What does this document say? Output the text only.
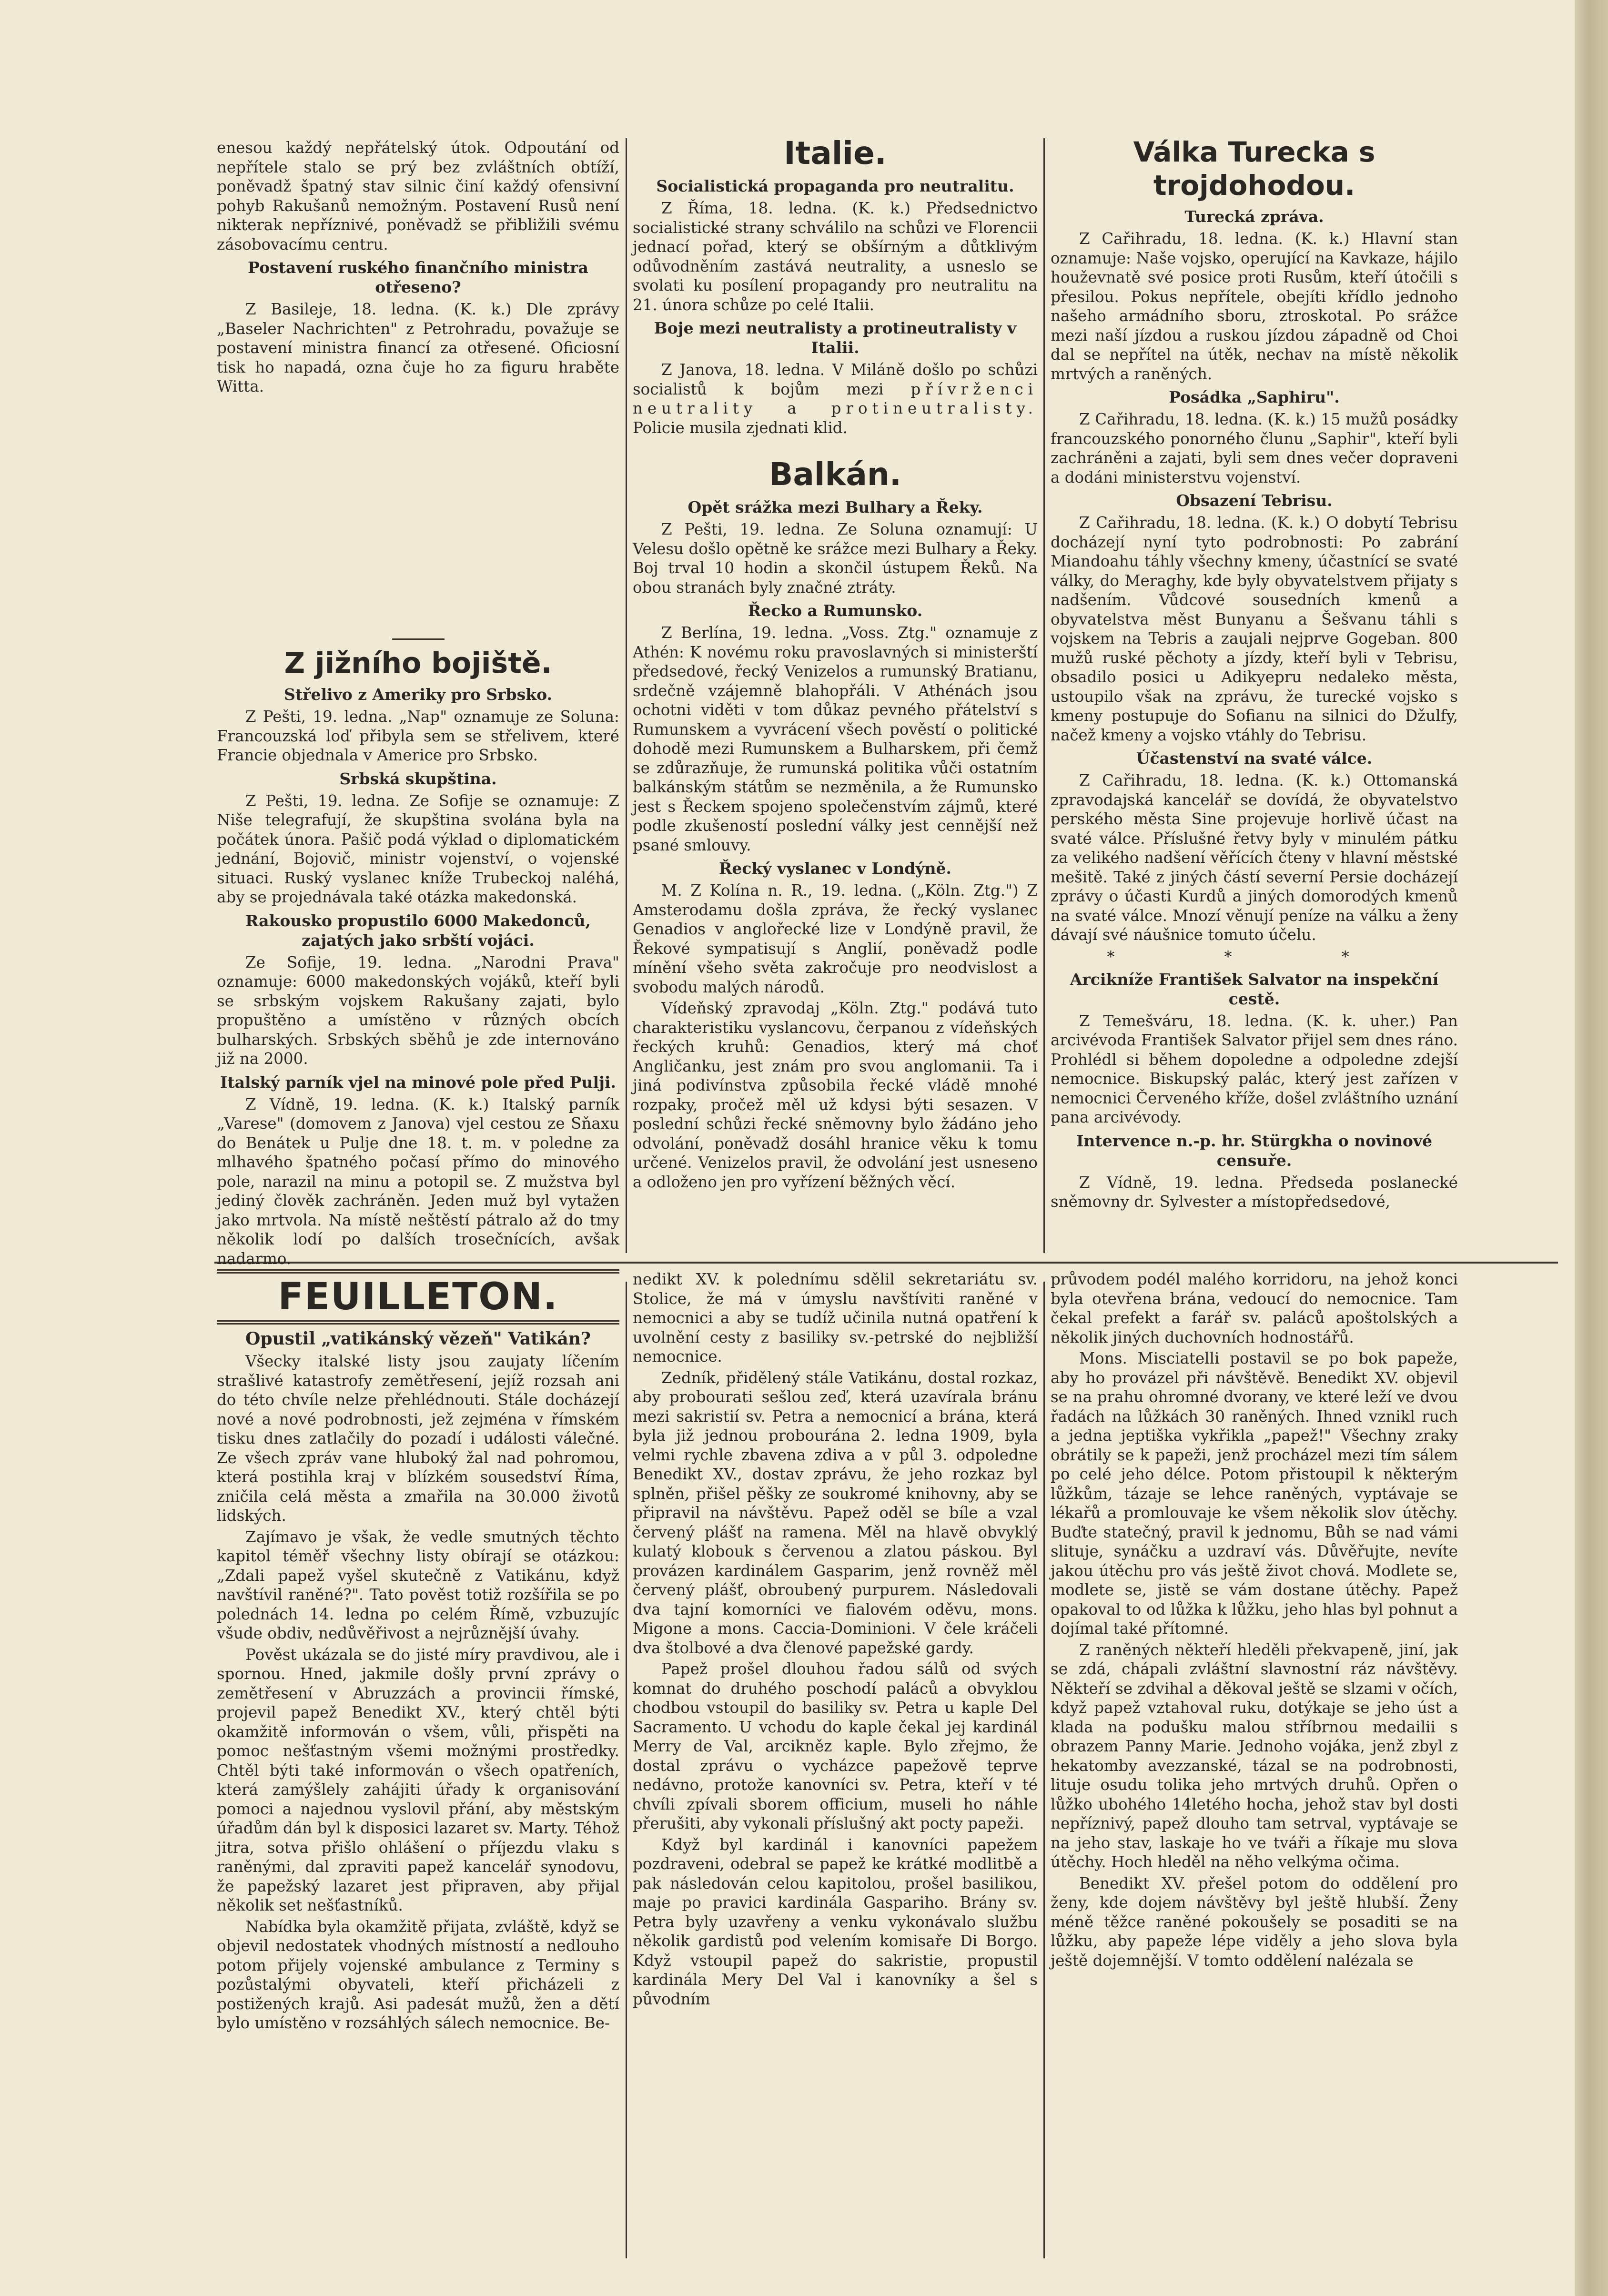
enesou každý nepřátelský útok. Odpoutání od nepřítele stalo se prý bez zvláštních obtíží, poněvadž špatný stav silnic činí každý ofensivní pohyb Rakušanů nemožným. Postavení Rusů není nikterak nepříznivé, poněvadž se přibližili svému zásobovacímu centru.

Postavení ruského finančního ministra otřeseno?

Z Basileje, 18. ledna. (K. k.) Dle zprávy „Baseler Nachrichten" z Petrohradu, považuje se postavení ministra financí za otřesené. Oficiosní tisk ho napadá, ozna čuje ho za figuru hraběte Witta.

Z jižního bojiště.
Střelivo z Ameriky pro Srbsko.

Z Pešti, 19. ledna. „Nap" oznamuje ze Soluna: Francouzská loď přibyla sem se střelivem, které Francie objednala v Americe pro Srbsko.

Srbská skupština.

Z Pešti, 19. ledna. Ze Sofije se oznamuje: Z Niše telegrafují, že skupština svolána byla na počátek února. Pašič podá výklad o diplomatickém jednání, Bojovič, ministr vojenství, o vojenské situaci. Ruský vyslanec kníže Trubeckoj naléhá, aby se projednávala také otázka makedonská.

Rakousko propustilo 6000 Makedonců, zajatých jako srbští vojáci.

Ze Sofije, 19. ledna. „Narodni Prava" oznamuje: 6000 makedonských vojáků, kteří byli se srbským vojskem Rakušany zajati, bylo propuštěno a umístěno v různých obcích bulharských. Srbských sběhů je zde internováno již na 2000.

Italský parník vjel na minové pole před Pulji.

Z Vídně, 19. ledna. (K. k.) Italský parník „Varese" (domovem z Janova) vjel cestou ze Sňaxu do Benátek u Pulje dne 18. t. m. v poledne za mlhavého špatného počasí přímo do minového pole, narazil na minu a potopil se. Z mužstva byl jediný člověk zachráněn. Jeden muž byl vytažen jako mrtvola. Na místě neštěstí pátralo až do tmy několik lodí po dalších trosečnících, avšak nadarmo.

Italie.
Socialistická propaganda pro neutralitu.

Z Říma, 18. ledna. (K. k.) Předsednictvo socialistické strany schválilo na schůzi ve Florencii jednací pořad, který se obšírným a důtklivým odůvodněním zastává neutrality, a usneslo se svolati ku posílení propagandy pro neutralitu na 21. února schůze po celé Italii.

Boje mezi neutralisty a protineutralisty v Italii.

Z Janova, 18. ledna. V Miláně došlo po schůzi socialistů k bojům mezi přívrženci neutrality a protineutralisty. Policie musila zjednati klid.

Balkán.
Opět srážka mezi Bulhary a Řeky.

Z Pešti, 19. ledna. Ze Soluna oznamují: U Velesu došlo opětně ke srážce mezi Bulhary a Řeky. Boj trval 10 hodin a skončil ústupem Řeků. Na obou stranách byly značné ztráty.

Řecko a Rumunsko.

Z Berlína, 19. ledna. „Voss. Ztg." oznamuje z Athén: K novému roku pravoslavných si ministerští předsedové, řecký Venizelos a rumunský Bratianu, srdečně vzájemně blahopřáli. V Athénách jsou ochotni viděti v tom důkaz pevného přátelství s Rumunskem a vyvrácení všech pověstí o politické dohodě mezi Rumunskem a Bulharskem, při čemž se zdůrazňuje, že rumunská politika vůči ostatním balkánským státům se nezměnila, a že Rumunsko jest s Řeckem spojeno společenstvím zájmů, které podle zkušeností poslední války jest cennější než psané smlouvy.

Řecký vyslanec v Londýně.

M. Z Kolína n. R., 19. ledna. („Köln. Ztg.") Z Amsterodamu došla zpráva, že řecký vyslanec Genadios v anglořecké lize v Londýně pravil, že Řekové sympatisují s Anglií, poněvadž podle mínění všeho světa zakročuje pro neodvislost a svobodu malých národů.

Vídeňský zpravodaj „Köln. Ztg." podává tuto charakteristiku vyslancovu, čerpanou z vídeňských řeckých kruhů: Genadios, který má choť Angličanku, jest znám pro svou anglomanii. Ta i jiná podivínstva způsobila řecké vládě mnohé rozpaky, pročež měl už kdysi býti sesazen. V poslední schůzi řecké sněmovny bylo žádáno jeho odvolání, poněvadž dosáhl hranice věku k tomu určené. Venizelos pravil, že odvolání jest usneseno a odloženo jen pro vyřízení běžných věcí.

Válka Turecka s trojdohodou.
Turecká zpráva.

Z Cařihradu, 18. ledna. (K. k.) Hlavní stan oznamuje: Naše vojsko, operující na Kavkaze, hájilo houževnatě své posice proti Rusům, kteří útočili s přesilou. Pokus nepřítele, obejíti křídlo jednoho našeho armádního sboru, ztroskotal. Po srážce mezi naší jízdou a ruskou jízdou západně od Choi dal se nepřítel na útěk, nechav na místě několik mrtvých a raněných.

Posádka „Saphiru".

Z Cařihradu, 18. ledna. (K. k.) 15 mužů posádky francouzského ponorného člunu „Saphir", kteří byli zachráněni a zajati, byli sem dnes večer dopraveni a dodáni ministerstvu vojenství.

Obsazení Tebrisu.

Z Cařihradu, 18. ledna. (K. k.) O dobytí Tebrisu docházejí nyní tyto podrobnosti: Po zabrání Miandoahu táhly všechny kmeny, účastnící se svaté války, do Meraghy, kde byly obyvatelstvem přijaty s nadšením. Vůdcové sousedních kmenů a obyvatelstva měst Bunyanu a Šešvanu táhli s vojskem na Tebris a zaujali nejprve Gogeban. 800 mužů ruské pěchoty a jízdy, kteří byli v Tebrisu, obsadilo posici u Adikyepru nedaleko města, ustoupilo však na zprávu, že turecké vojsko s kmeny postupuje do Sofianu na silnici do Džulfy, načež kmeny a vojsko vtáhly do Tebrisu.

Účastenství na svaté válce.

Z Cařihradu, 18. ledna. (K. k.) Ottomanská zpravodajská kancelář se dovídá, že obyvatelstvo perského města Sine projevuje horlivě účast na svaté válce. Příslušné řetvy byly v minulém pátku za velikého nadšení věřících čteny v hlavní městské mešitě. Také z jiných částí severní Persie docházejí zprávy o účasti Kurdů a jiných domorodých kmenů na svaté válce. Mnozí věnují peníze na válku a ženy dávají své náušnice tomuto účelu.

* * *
Arcikníže František Salvator na inspekční cestě.

Z Temešváru, 18. ledna. (K. k. uher.) Pan arcivévoda František Salvator přijel sem dnes ráno. Prohlédl si během dopoledne a odpoledne zdejší nemocnice. Biskupský palác, který jest zařízen v nemocnici Červeného kříže, došel zvláštního uznání pana arcivévody.

Intervence n.-p. hr. Stürgkha o novinové censuře.

Z Vídně, 19. ledna. Předseda poslanecké sněmovny dr. Sylvester a místopředsedové,

FEUILLETON.
Opustil „vatikánský vězeň" Vatikán?

Všecky italské listy jsou zaujaty líčením strašlivé katastrofy zemětřesení, jejíž rozsah ani do této chvíle nelze přehlédnouti. Stále docházejí nové a nové podrobnosti, jež zejména v římském tisku dnes zatlačily do pozadí i události válečné. Ze všech zpráv vane hluboký žal nad pohromou, která postihla kraj v blízkém sousedství Říma, zničila celá města a zmařila na 30.000 životů lidských.

Zajímavo je však, že vedle smutných těchto kapitol téměř všechny listy obírají se otázkou: „Zdali papež vyšel skutečně z Vatikánu, když navštívil raněné?". Tato pověst totiž rozšířila se po polednách 14. ledna po celém Římě, vzbuzujíc všude obdiv, nedůvěřivost a nejrůznější úvahy.

Pověst ukázala se do jisté míry pravdivou, ale i spornou. Hned, jakmile došly první zprávy o zemětřesení v Abruzzách a provincii římské, projevil papež Benedikt XV., který chtěl býti okamžitě informován o všem, vůli, přispěti na pomoc nešťastným všemi možnými prostředky. Chtěl býti také informován o všech opatřeních, která zamýšlely zahájiti úřady k organisování pomoci a najednou vyslovil přání, aby městským úřadům dán byl k disposici lazaret sv. Marty. Téhož jitra, sotva přišlo ohlášení o příjezdu vlaku s raněnými, dal zpraviti papež kancelář synodovu, že papežský lazaret jest připraven, aby přijal několik set nešťastníků.

Nabídka byla okamžitě přijata, zvláště, když se objevil nedostatek vhodných místností a nedlouho potom přijely vojenské ambulance z Terminy s pozůstalými obyvateli, kteří přicházeli z postižených krajů. Asi padesát mužů, žen a dětí bylo umístěno v rozsáhlých sálech nemocnice. Be-

nedikt XV. k polednímu sdělil sekretariátu sv. Stolice, že má v úmyslu navštíviti raněné v nemocnici a aby se tudíž učinila nutná opatření k uvolnění cesty z basiliky sv.-petrské do nejbližší nemocnice.

Zedník, přidělený stále Vatikánu, dostal rozkaz, aby probourati sešlou zeď, která uzavírala bránu mezi sakristií sv. Petra a nemocnicí a brána, která byla již jednou probourána 2. ledna 1909, byla velmi rychle zbavena zdiva a v půl 3. odpoledne Benedikt XV., dostav zprávu, že jeho rozkaz byl splněn, přišel pěšky ze soukromé knihovny, aby se připravil na návštěvu. Papež oděl se bíle a vzal červený plášť na ramena. Měl na hlavě obvyklý kulatý klobouk s červenou a zlatou páskou. Byl provázen kardinálem Gasparim, jenž rovněž měl červený plášť, obroubený purpurem. Následovali dva tajní komorníci ve fialovém oděvu, mons. Migone a mons. Caccia-Dominioni. V čele kráčeli dva štolbové a dva členové papežské gardy.

Papež prošel dlouhou řadou sálů od svých komnat do druhého poschodí paláců a obvyklou chodbou vstoupil do basiliky sv. Petra u kaple Del Sacramento. U vchodu do kaple čekal jej kardinál Merry de Val, arcikněz kaple. Bylo zřejmo, že dostal zprávu o vycházce papežově teprve nedávno, protože kanovníci sv. Petra, kteří v té chvíli zpívali sborem officium, museli ho náhle přerušiti, aby vykonali příslušný akt pocty papeži.

Když byl kardinál i kanovníci papežem pozdraveni, odebral se papež ke krátké modlitbě a pak následován celou kapitolou, prošel basilikou, maje po pravici kardinála Gaspariho. Brány sv. Petra byly uzavřeny a venku vykonávalo službu několik gardistů pod velením komisaře Di Borgo. Když vstoupil papež do sakristie, propustil kardinála Mery Del Val i kanovníky a šel s původním

průvodem podél malého korridoru, na jehož konci byla otevřena brána, vedoucí do nemocnice. Tam čekal prefekt a farář sv. paláců apoštolských a několik jiných duchovních hodnostářů.

Mons. Misciatelli postavil se po bok papeže, aby ho provázel při návštěvě. Benedikt XV. objevil se na prahu ohromné dvorany, ve které leží ve dvou řadách na lůžkách 30 raněných. Ihned vznikl ruch a jedna jeptiška vykřikla „papež!" Všechny zraky obrátily se k papeži, jenž procházel mezi tím sálem po celé jeho délce. Potom přistoupil k některým lůžkům, tázaje se lehce raněných, vyptávaje se lékařů a promlouvaje ke všem několik slov útěchy. Buďte statečný, pravil k jednomu, Bůh se nad vámi slituje, synáčku a uzdraví vás. Důvěřujte, nevíte jakou útěchu pro vás ještě život chová. Modlete se, modlete se, jistě se vám dostane útěchy. Papež opakoval to od lůžka k lůžku, jeho hlas byl pohnut a dojímal také přítomné.

Z raněných někteří hleděli překvapeně, jiní, jak se zdá, chápali zvláštní slavnostní ráz návštěvy. Někteří se zdvihal a děkoval ještě se slzami v očích, když papež vztahoval ruku, dotýkaje se jeho úst a klada na podušku malou stříbrnou medailii s obrazem Panny Marie. Jednoho vojáka, jenž zbyl z hekatomby avezzanské, tázal se na podrobnosti, lituje osudu tolika jeho mrtvých druhů. Opřen o lůžko ubohého 14letého hocha, jehož stav byl dosti nepříznivý, papež dlouho tam setrval, vyptávaje se na jeho stav, laskaje ho ve tváři a říkaje mu slova útěchy. Hoch hleděl na něho velkýma očima.

Benedikt XV. přešel potom do oddělení pro ženy, kde dojem návštěvy byl ještě hlubší. Ženy méně těžce raněné pokoušely se posaditi se na lůžku, aby papeže lépe viděly a jeho slova byla ještě dojemnější. V tomto oddělení nalézala se
